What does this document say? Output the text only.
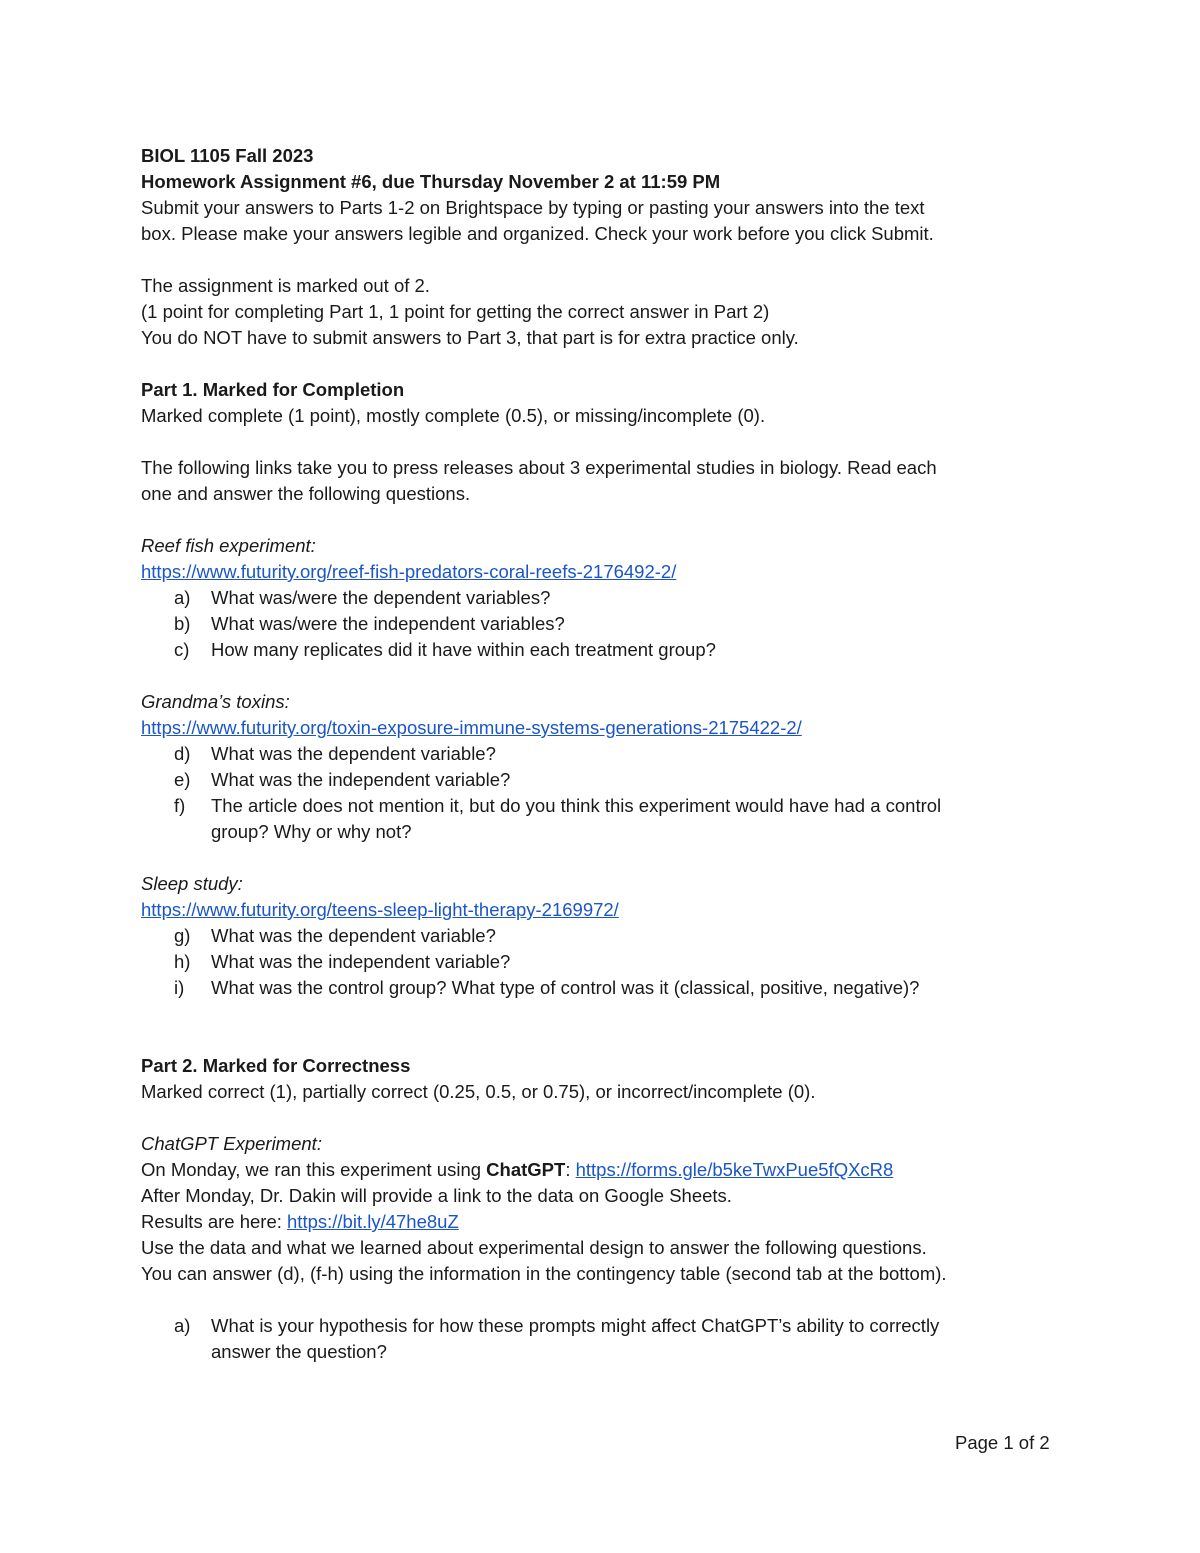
BIOL 1105 Fall 2023
Homework Assignment #6, due Thursday November 2 at 11:59 PM
Submit your answers to Parts 1-2 on Brightspace by typing or pasting your answers into the text
box. Please make your answers legible and organized. Check your work before you click Submit.
The assignment is marked out of 2.
(1 point for completing Part 1, 1 point for getting the correct answer in Part 2)
You do NOT have to submit answers to Part 3, that part is for extra practice only.
Part 1. Marked for Completion
Marked complete (1 point), mostly complete (0.5), or missing/incomplete (0).
The following links take you to press releases about 3 experimental studies in biology. Read each
one and answer the following questions.
Reef fish experiment:
https://www.futurity.org/reef-fish-predators-coral-reefs-2176492-2/
a) What was/were the dependent variables?
b) What was/were the independent variables?
c) How many replicates did it have within each treatment group?
Grandma’s toxins:
https://www.futurity.org/toxin-exposure-immune-systems-generations-2175422-2/
d) What was the dependent variable?
e) What was the independent variable?
f) The article does not mention it, but do you think this experiment would have had a control
group? Why or why not?
Sleep study:
https://www.futurity.org/teens-sleep-light-therapy-2169972/
g) What was the dependent variable?
h) What was the independent variable?
i) What was the control group? What type of control was it (classical, positive, negative)?
Part 2. Marked for Correctness
Marked correct (1), partially correct (0.25, 0.5, or 0.75), or incorrect/incomplete (0).
ChatGPT Experiment:
On Monday, we ran this experiment using ChatGPT: https://forms.gle/b5keTwxPue5fQXcR8
After Monday, Dr. Dakin will provide a link to the data on Google Sheets.
Results are here: https://bit.ly/47he8uZ
Use the data and what we learned about experimental design to answer the following questions.
You can answer (d), (f-h) using the information in the contingency table (second tab at the bottom).
a) What is your hypothesis for how these prompts might affect ChatGPT’s ability to correctly
answer the question?
Page 1 of 2
